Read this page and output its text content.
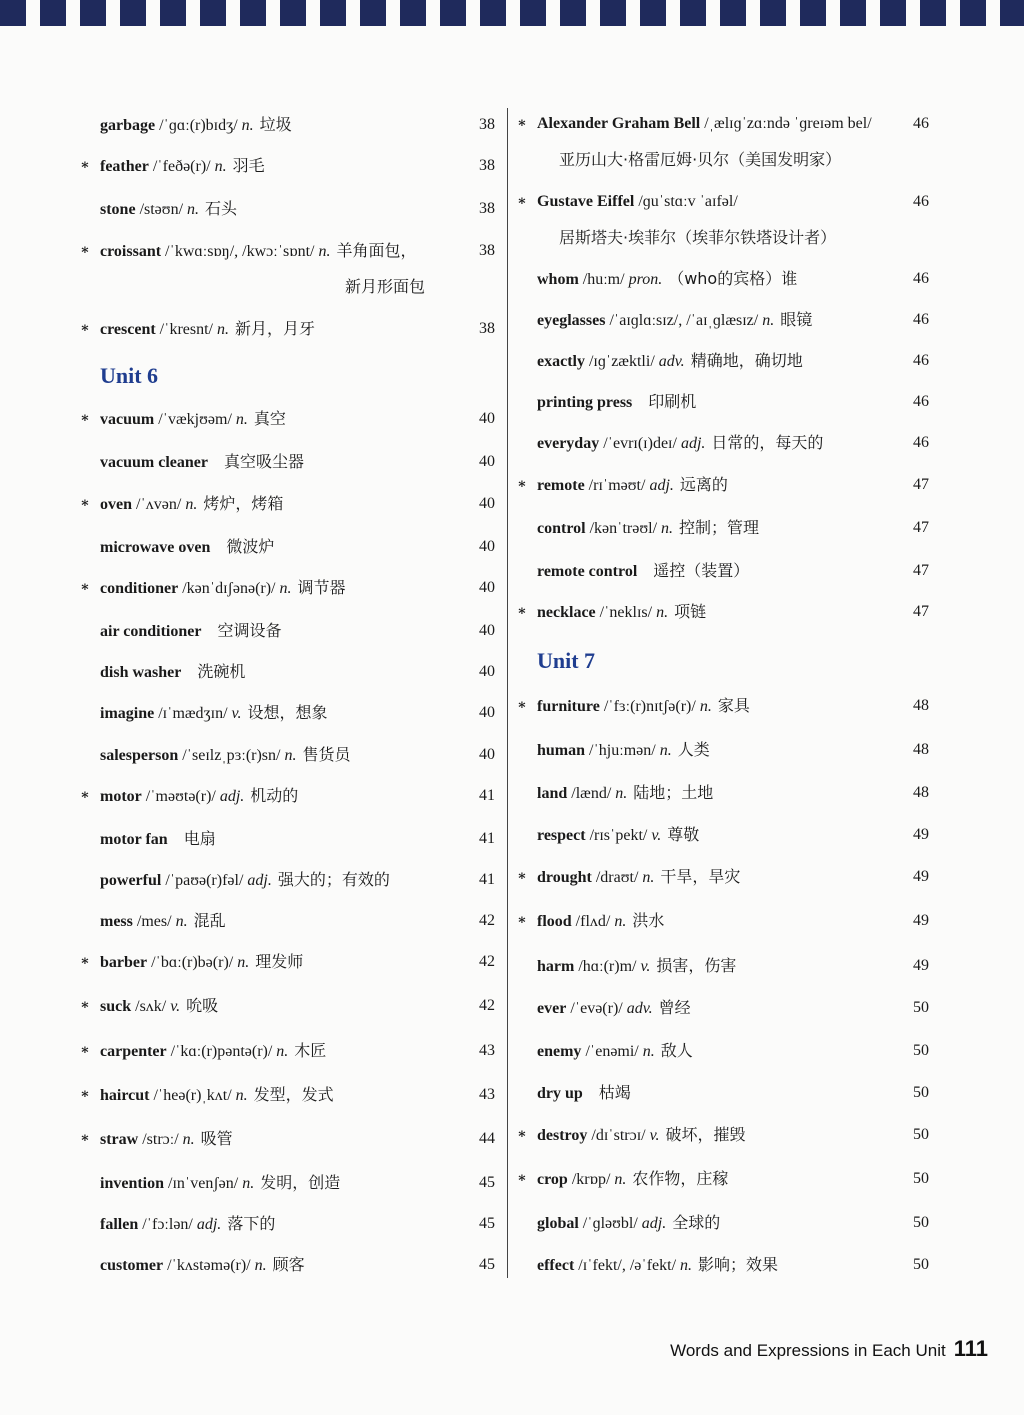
garbage /ˈɡɑː(r)bɪdʒ/ n. 垃圾	38
∗ feather /ˈfeðə(r)/ n. 羽毛	38
stone /stəʊn/ n. 石头	38
∗ croissant /ˈkwɑːsɒŋ/, /kwɔːˈsɒnt/ n. 羊角面包，	38
新月形面包
∗ crescent /ˈkresnt/ n. 新月，月牙	38
Unit 6
∗ vacuum /ˈvækjʊəm/ n. 真空	40
vacuum cleaner 真空吸尘器	40
∗ oven /ˈʌvən/ n. 烤炉，烤箱	40
microwave oven 微波炉	40
∗ conditioner /kənˈdɪʃənə(r)/ n. 调节器	40
air conditioner 空调设备	40
dish washer 洗碗机	40
imagine /ɪˈmædʒɪn/ v. 设想，想象	40
salesperson /ˈseɪlzˌpɜː(r)sn/ n. 售货员	40
∗ motor /ˈməʊtə(r)/ adj. 机动的	41
motor fan 电扇	41
powerful /ˈpaʊə(r)fəl/ adj. 强大的；有效的	41
mess /mes/ n. 混乱	42
∗ barber /ˈbɑː(r)bə(r)/ n. 理发师	42
∗ suck /sʌk/ v. 吮吸	42
∗ carpenter /ˈkɑː(r)pəntə(r)/ n. 木匠	43
∗ haircut /ˈheə(r)ˌkʌt/ n. 发型，发式	43
∗ straw /strɔː/ n. 吸管	44
invention /ɪnˈvenʃən/ n. 发明，创造	45
fallen /ˈfɔːlən/ adj. 落下的	45
customer /ˈkʌstəmə(r)/ n. 顾客	45
∗ Alexander Graham Bell /ˌælɪɡˈzɑːndə ˈɡreɪəm bel/	46
亚历山大·格雷厄姆·贝尔（美国发明家）
∗ Gustave Eiffel /ɡuˈstɑːv ˈaɪfəl/	46
居斯塔夫·埃菲尔（埃菲尔铁塔设计者）
whom /huːm/ pron. （who的宾格）谁	46
eyeglasses /ˈaɪɡlɑːsɪz/, /ˈaɪˌɡlæsɪz/ n. 眼镜	46
exactly /ɪɡˈzæktli/ adv. 精确地，确切地	46
printing press 印刷机	46
everyday /ˈevrɪ(ɪ)deɪ/ adj. 日常的，每天的	46
∗ remote /rɪˈməʊt/ adj. 远离的	47
control /kənˈtrəʊl/ n. 控制；管理	47
remote control 遥控（装置）	47
∗ necklace /ˈneklɪs/ n. 项链	47
Unit 7
∗ furniture /ˈfɜː(r)nɪtʃə(r)/ n. 家具	48
human /ˈhjuːmən/ n. 人类	48
land /lænd/ n. 陆地；土地	48
respect /rɪsˈpekt/ v. 尊敬	49
∗ drought /draʊt/ n. 干旱，旱灾	49
∗ flood /flʌd/ n. 洪水	49
harm /hɑː(r)m/ v. 损害，伤害	49
ever /ˈevə(r)/ adv. 曾经	50
enemy /ˈenəmi/ n. 敌人	50
dry up 枯竭	50
∗ destroy /dɪˈstrɔɪ/ v. 破坏，摧毁	50
∗ crop /krɒp/ n. 农作物，庄稼	50
global /ˈɡləʊbl/ adj. 全球的	50
effect /ɪˈfekt/, /əˈfekt/ n. 影响；效果	50
Words and Expressions in Each Unit 111
